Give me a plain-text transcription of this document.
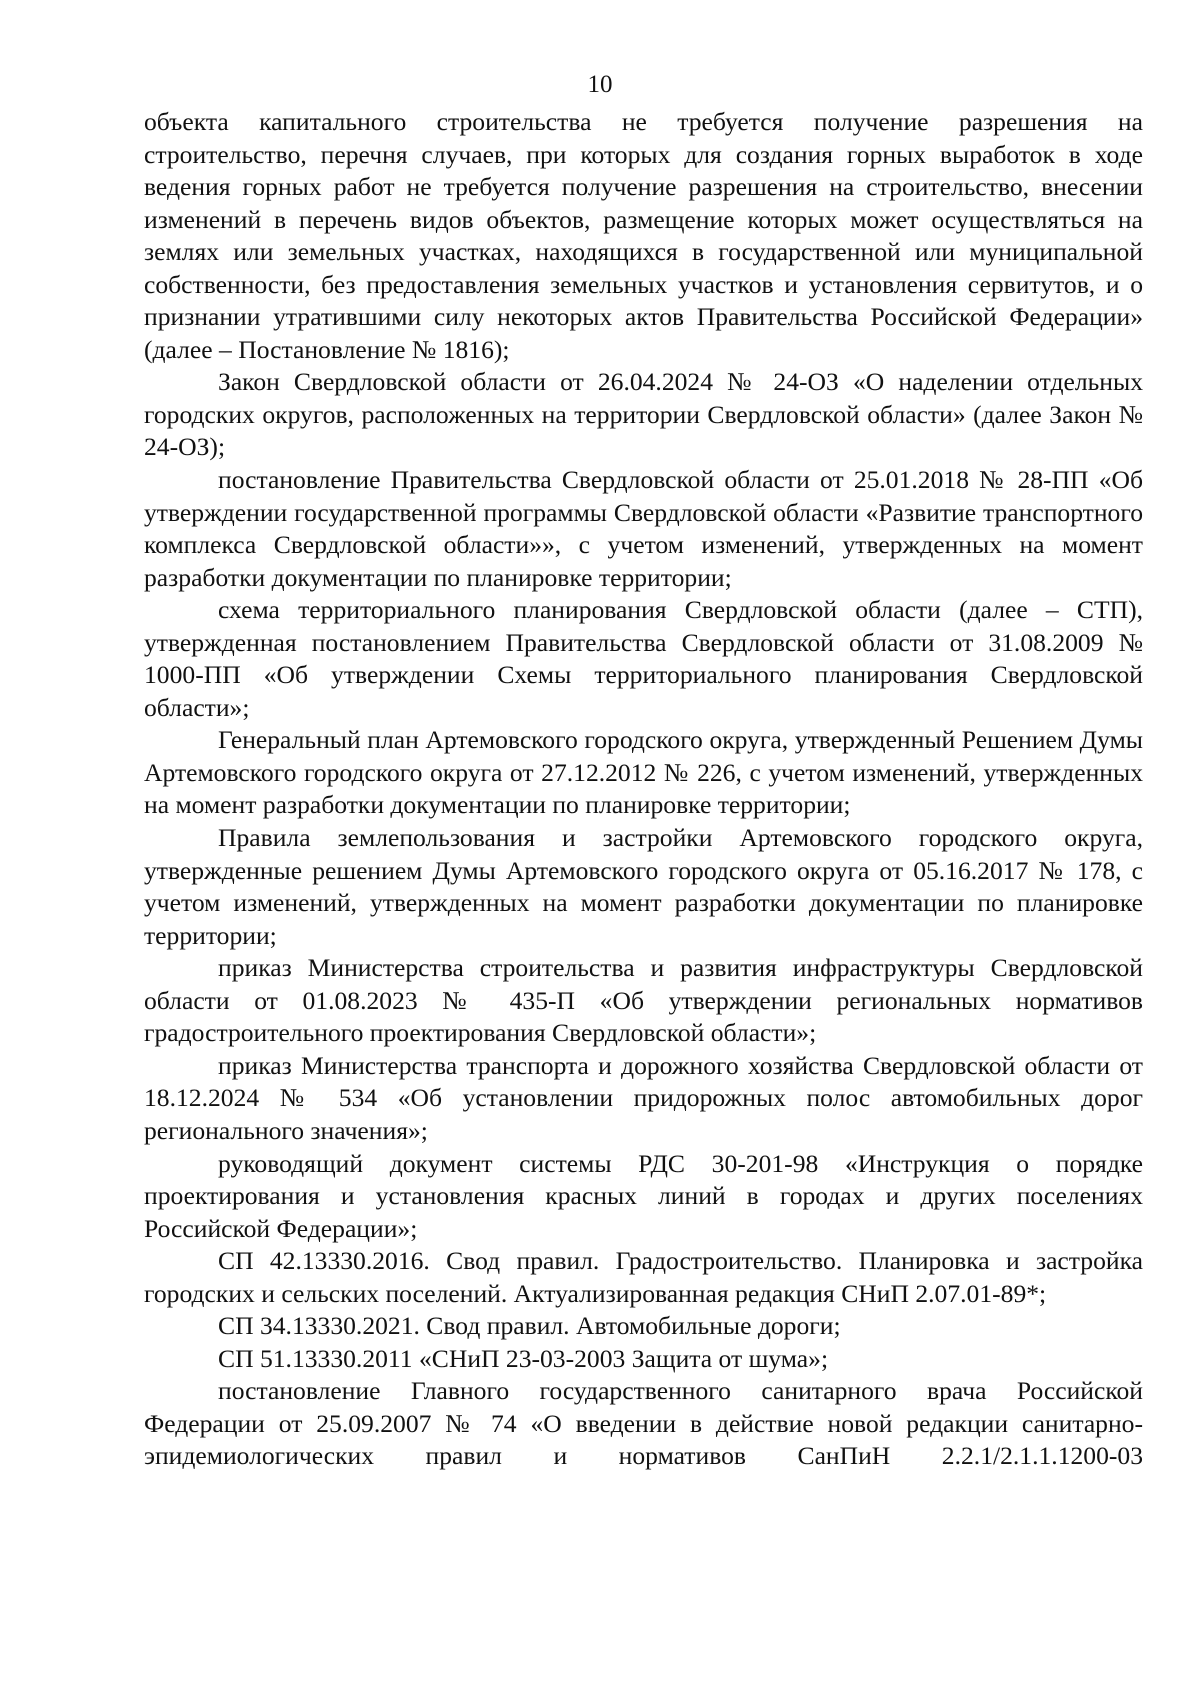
10

объекта капитального строительства не требуется получение разрешения на строительство, перечня случаев, при которых для создания горных выработок в ходе ведения горных работ не требуется получение разрешения на строительство, внесении изменений в перечень видов объектов, размещение которых может осуществляться на землях или земельных участках, находящихся в государственной или муниципальной собственности, без предоставления земельных участков и установления сервитутов, и о признании утратившими силу некоторых актов Правительства Российской Федерации» (далее – Постановление № 1816);

Закон Свердловской области от 26.04.2024 № 24-ОЗ «О наделении отдельных городских округов, расположенных на территории Свердловской области» (далее Закон № 24-ОЗ);

постановление Правительства Свердловской области от 25.01.2018 № 28-ПП «Об утверждении государственной программы Свердловской области «Развитие транспортного комплекса Свердловской области»», с учетом изменений, утвержденных на момент разработки документации по планировке территории;

схема территориального планирования Свердловской области (далее – СТП), утвержденная постановлением Правительства Свердловской области от 31.08.2009 № 1000-ПП «Об утверждении Схемы территориального планирования Свердловской области»;

Генеральный план Артемовского городского округа, утвержденный Решением Думы Артемовского городского округа от 27.12.2012 № 226, с учетом изменений, утвержденных на момент разработки документации по планировке территории;

Правила землепользования и застройки Артемовского городского округа, утвержденные решением Думы Артемовского городского округа от 05.16.2017 № 178, с учетом изменений, утвержденных на момент разработки документации по планировке территории;

приказ Министерства строительства и развития инфраструктуры Свердловской области от 01.08.2023 № 435-П «Об утверждении региональных нормативов градостроительного проектирования Свердловской области»;

приказ Министерства транспорта и дорожного хозяйства Свердловской области от 18.12.2024 № 534 «Об установлении придорожных полос автомобильных дорог регионального значения»;

руководящий документ системы РДС 30-201-98 «Инструкция о порядке проектирования и установления красных линий в городах и других поселениях Российской Федерации»;

СП 42.13330.2016. Свод правил. Градостроительство. Планировка и застройка городских и сельских поселений. Актуализированная редакция СНиП 2.07.01-89*;

СП 34.13330.2021. Свод правил. Автомобильные дороги;

СП 51.13330.2011 «СНиП 23-03-2003 Защита от шума»;

постановление Главного государственного санитарного врача Российской Федерации от 25.09.2007 № 74 «О введении в действие новой редакции санитарно-эпидемиологических правил и нормативов СанПиН 2.2.1/2.1.1.1200-03
